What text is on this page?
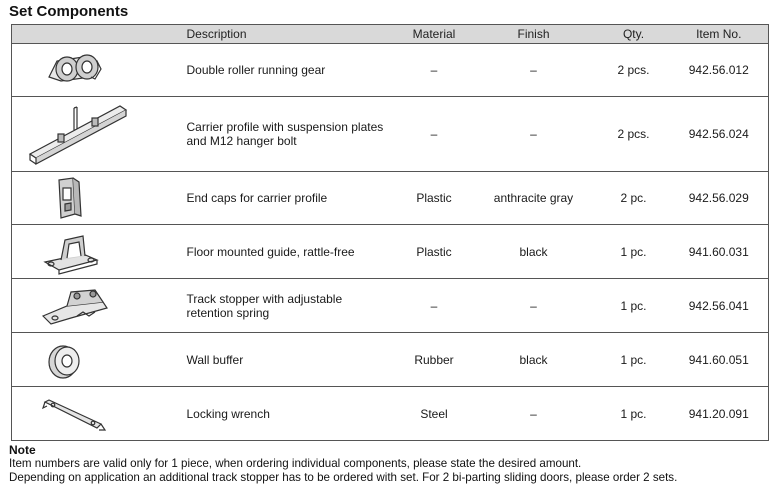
Set Components
	Description	Material	Finish	Qty.	Item No.

	Double roller running gear	–	–	2 pcs.	942.56.012

Carrier profile with suspension plates
and M12 hanger bolt	–	–	2 pcs.	942.56.024

	End caps for carrier profile	Plastic	anthracite gray	2 pc.	942.56.029

	Floor mounted guide, rattle-free	Plastic	black	1 pc.	941.60.031

Track stopper with adjustable
retention spring	–	–	1 pc.	942.56.041

	Wall buffer	Rubber	black	1 pc.	941.60.051

	Locking wrench	Steel	–	1 pc.	941.20.091
Note
Item numbers are valid only for 1 piece, when ordering individual components, please state the desired amount.
Depending on application an additional track stopper has to be ordered with set. For 2 bi-parting sliding doors, please order 2 sets.
